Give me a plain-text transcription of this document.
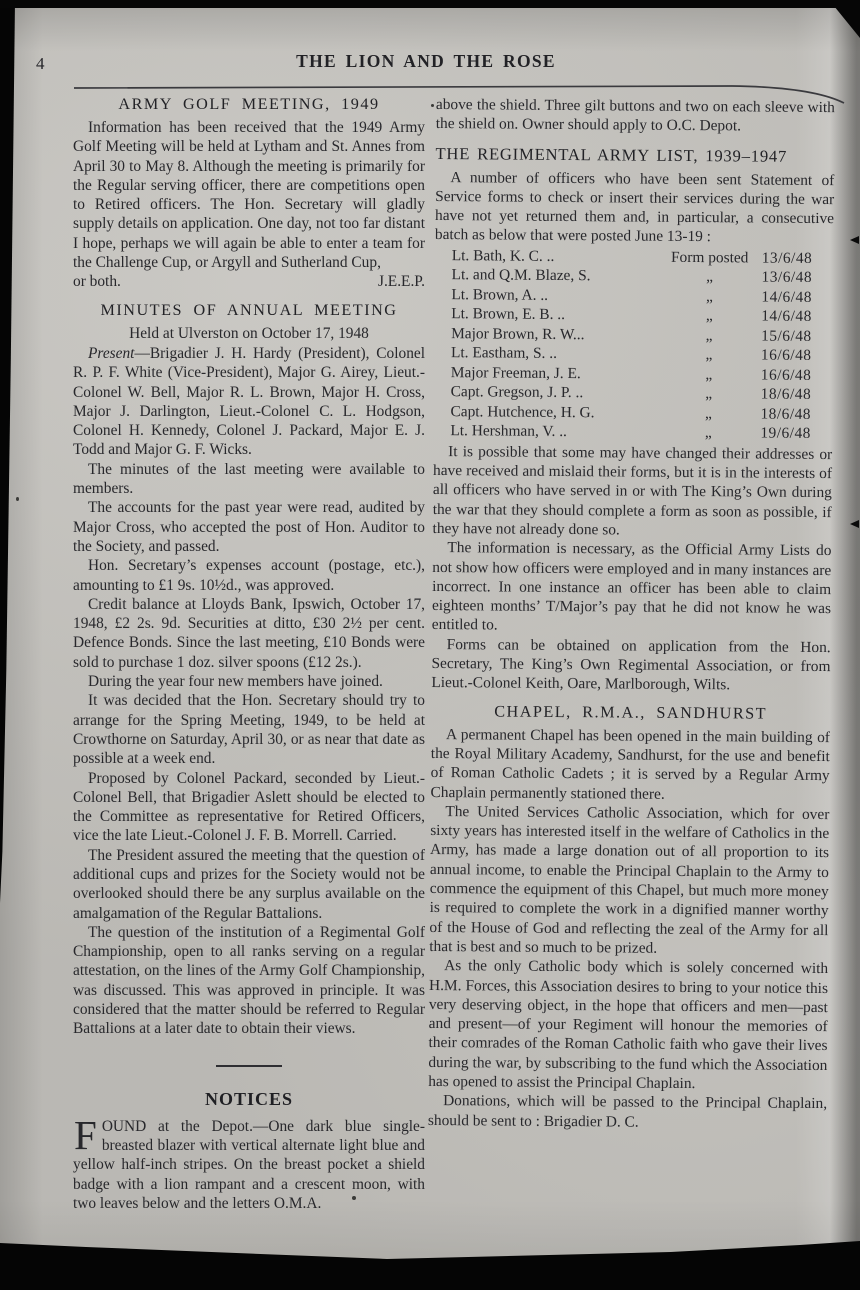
4	THE LION AND THE ROSE
ARMY GOLF MEETING, 1949

Information has been received that the 1949 Army Golf Meeting will be held at Lytham and St. Annes from April 30 to May 8. Although the meeting is primarily for the Regular serving officer, there are competitions open to Retired officers. The Hon. Secretary will gladly supply details on application. One day, not too far distant I hope, perhaps we will again be able to enter a team for the Challenge Cup, or Argyll and Sutherland Cup,

or both.	J.E.E.P.
MINUTES OF ANNUAL MEETING
Held at Ulverston on October 17, 1948

Present—Brigadier J. H. Hardy (President), Colonel R. P. F. White (Vice-President), Major G. Airey, Lieut.-Colonel W. Bell, Major R. L. Brown, Major H. Cross, Major J. Darlington, Lieut.-Colonel C. L. Hodgson, Colonel H. Kennedy, Colonel J. Packard, Major E. J. Todd and Major G. F. Wicks.

The minutes of the last meeting were available to members.

The accounts for the past year were read, audited by Major Cross, who accepted the post of Hon. Auditor to the Society, and passed.

Hon. Secretary’s expenses account (postage, etc.), amounting to £1 9s. 10½d., was approved.

Credit balance at Lloyds Bank, Ipswich, October 17, 1948, £2 2s. 9d. Securities at ditto, £30 2½ per cent. Defence Bonds. Since the last meeting, £10 Bonds were sold to purchase 1 doz. silver spoons (£12 2s.).

During the year four new members have joined.

It was decided that the Hon. Secretary should try to arrange for the Spring Meeting, 1949, to be held at Crowthorne on Saturday, April 30, or as near that date as possible at a week end.

Proposed by Colonel Packard, seconded by Lieut.-Colonel Bell, that Brigadier Aslett should be elected to the Committee as representative for Retired Officers, vice the late Lieut.-Colonel J. F. B. Morrell. Carried.

The President assured the meeting that the question of additional cups and prizes for the Society would not be overlooked should there be any surplus available on the amalgamation of the Regular Battalions.

The question of the institution of a Regimental Golf Championship, open to all ranks serving on a regular attestation, on the lines of the Army Golf Championship, was discussed. This was approved in principle. It was considered that the matter should be referred to Regular Battalions at a later date to obtain their views.

NOTICES

FOUND at the Depot.—One dark blue single-breasted blazer with vertical alternate light blue and yellow half-inch stripes. On the breast pocket a shield badge with a lion rampant and a crescent moon, with two leaves below and the letters O.M.A.

above the shield. Three gilt buttons and two on each sleeve with the shield on. Owner should apply to O.C. Depot.

THE REGIMENTAL ARMY LIST, 1939–1947

A number of officers who have been sent Statement of Service forms to check or insert their services during the war have not yet returned them and, in particular, a consecutive batch as below that were posted June 13-19 :

Lt. Bath, K. C. ..	Form posted 13/6/48
Lt. and Q.M. Blaze, S.	„	13/6/48
Lt. Brown, A. ..	„	14/6/48
Lt. Brown, E. B. ..	„	14/6/48
Major Brown, R. W...	„	15/6/48
Lt. Eastham, S. ..	„	16/6/48
Major Freeman, J. E.	„	16/6/48
Capt. Gregson, J. P. ..	„	18/6/48
Capt. Hutchence, H. G.	„	18/6/48
Lt. Hershman, V. ..	„	19/6/48

It is possible that some may have changed their addresses or have received and mislaid their forms, but it is in the interests of all officers who have served in or with The King’s Own during the war that they should complete a form as soon as possible, if they have not already done so.

The information is necessary, as the Official Army Lists do not show how officers were employed and in many instances are incorrect. In one instance an officer has been able to claim eighteen months’ T/Major’s pay that he did not know he was entitled to.

Forms can be obtained on application from the Hon. Secretary, The King’s Own Regimental Association, or from Lieut.-Colonel Keith, Oare, Marlborough, Wilts.

CHAPEL, R.M.A., SANDHURST

A permanent Chapel has been opened in the main building of the Royal Military Academy, Sandhurst, for the use and benefit of Roman Catholic Cadets ; it is served by a Regular Army Chaplain permanently stationed there.

The United Services Catholic Association, which for over sixty years has interested itself in the welfare of Catholics in the Army, has made a large donation out of all proportion to its annual income, to enable the Principal Chaplain to the Army to commence the equipment of this Chapel, but much more money is required to complete the work in a dignified manner worthy of the House of God and reflecting the zeal of the Army for all that is best and so much to be prized.

As the only Catholic body which is solely concerned with H.M. Forces, this Association desires to bring to your notice this very deserving object, in the hope that officers and men—past and present—of your Regiment will honour the memories of their comrades of the Roman Catholic faith who gave their lives during the war, by subscribing to the fund which the Association has opened to assist the Principal Chaplain.

Donations, which will be passed to the Principal Chaplain, should be sent to : Brigadier D. C.
